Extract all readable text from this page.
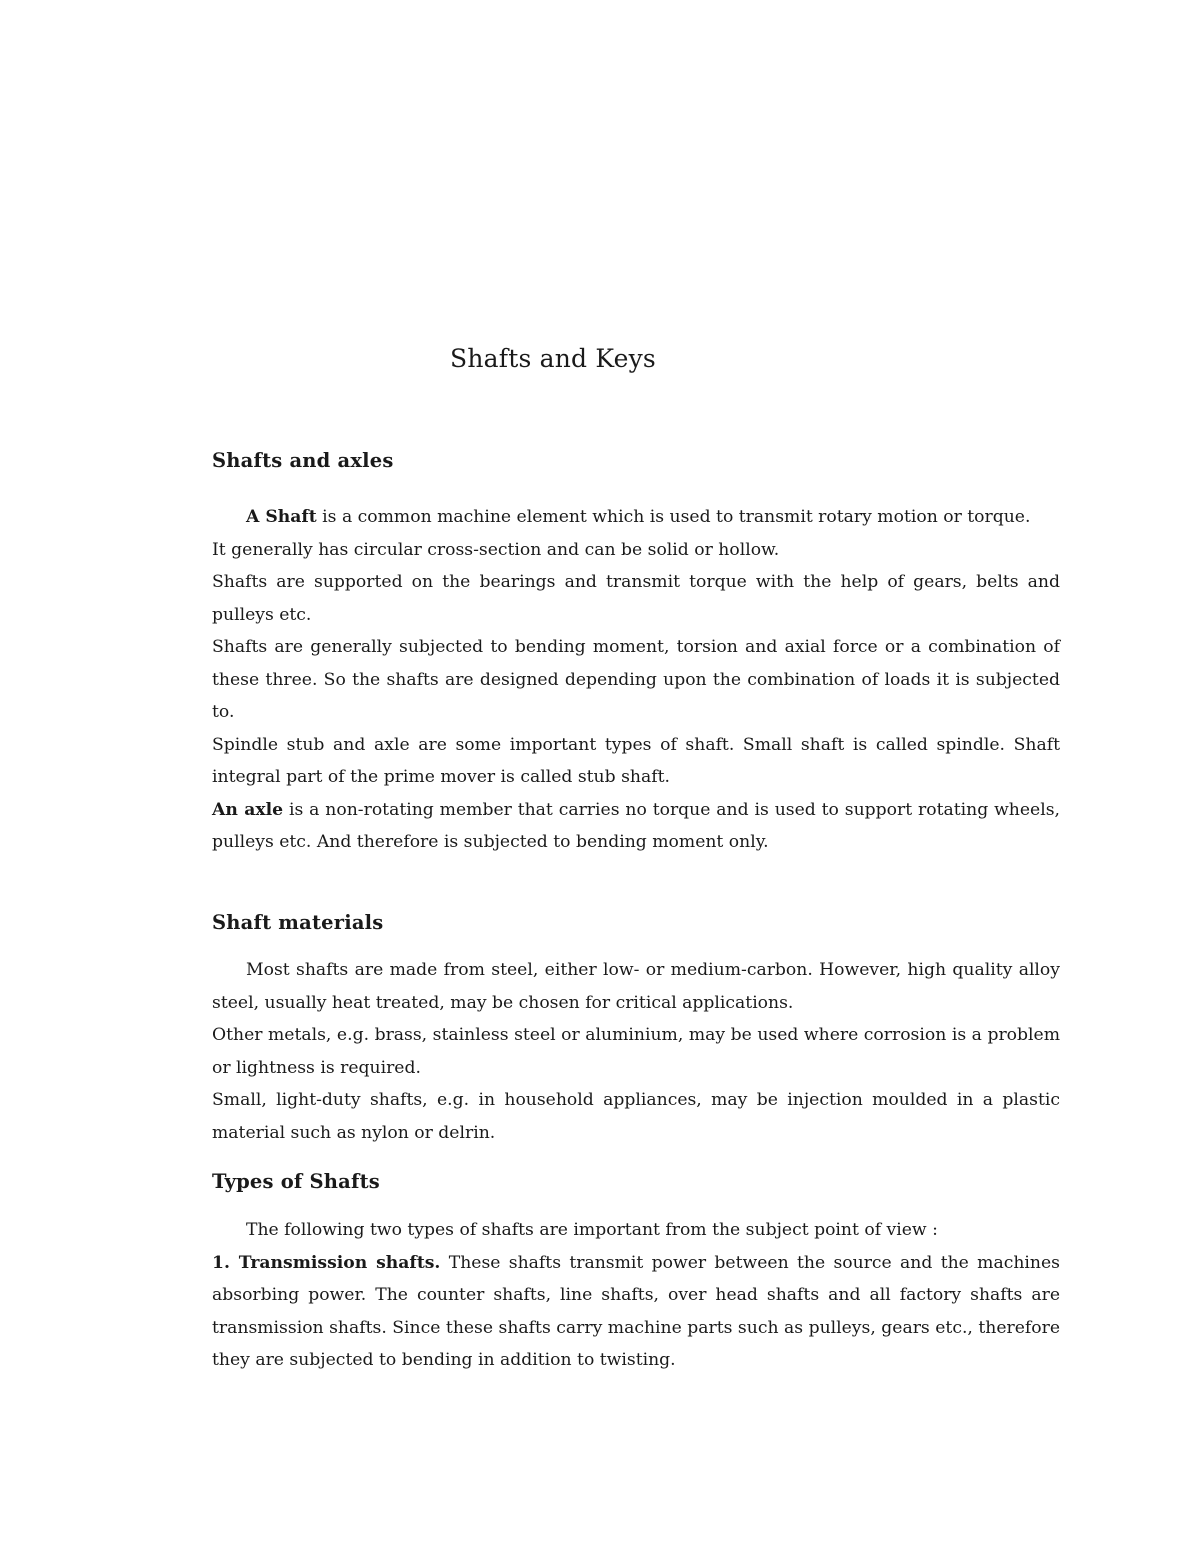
Shafts and Keys
Shafts and axles

A Shaft is a common machine element which is used to transmit rotary motion or torque.

It generally has circular cross-section and can be solid or hollow.

Shafts are supported on the bearings and transmit torque with the help of gears, belts and pulleys etc.

Shafts are generally subjected to bending moment, torsion and axial force or a combination of these three. So the shafts are designed depending upon the combination of loads it is subjected to.

Spindle stub and axle are some important types of shaft. Small shaft is called spindle. Shaft integral part of the prime mover is called stub shaft.

An axle is a non-rotating member that carries no torque and is used to support rotating wheels, pulleys etc. And therefore is subjected to bending moment only.

Shaft materials

Most shafts are made from steel, either low- or medium-carbon. However, high quality alloy steel, usually heat treated, may be chosen for critical applications.

Other metals, e.g. brass, stainless steel or aluminium, may be used where corrosion is a problem or lightness is required.

Small, light-duty shafts, e.g. in household appliances, may be injection moulded in a plastic material such as nylon or delrin.

Types of Shafts

The following two types of shafts are important from the subject point of view :

1. Transmission shafts. These shafts transmit power between the source and the machines absorbing power. The counter shafts, line shafts, over head shafts and all factory shafts are transmission shafts. Since these shafts carry machine parts such as pulleys, gears etc., therefore they are subjected to bending in addition to twisting.
